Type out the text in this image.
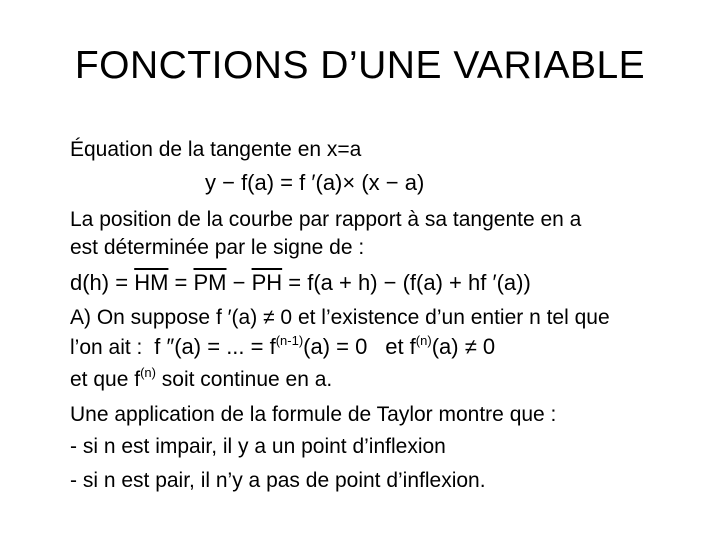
FONCTIONS D’UNE VARIABLE
Équation de la tangente en x=a
y − f(a) = f ′(a)× (x − a)
La position de la courbe par rapport à sa tangente en a
est déterminée par le signe de :
$d(h) = \overline{HM} = \overline{PM} - \overline{PH} = f(a + h) - (f(a)$ + hf ′(a))
A) On suppose f ′(a) ≠ 0 et l’existence d’un entier n tel que
l’on ait : f ″(a) = ... = $f^{(n-1)}(a) = 0$ et $f^{(n)}(a) \ne 0$
et que $f^{(n)}$ soit continue en a.
Une application de la formule de Taylor montre que :
- si n est impair, il y a un point d’inflexion
- si n est pair, il n’y a pas de point d’inflexion.
